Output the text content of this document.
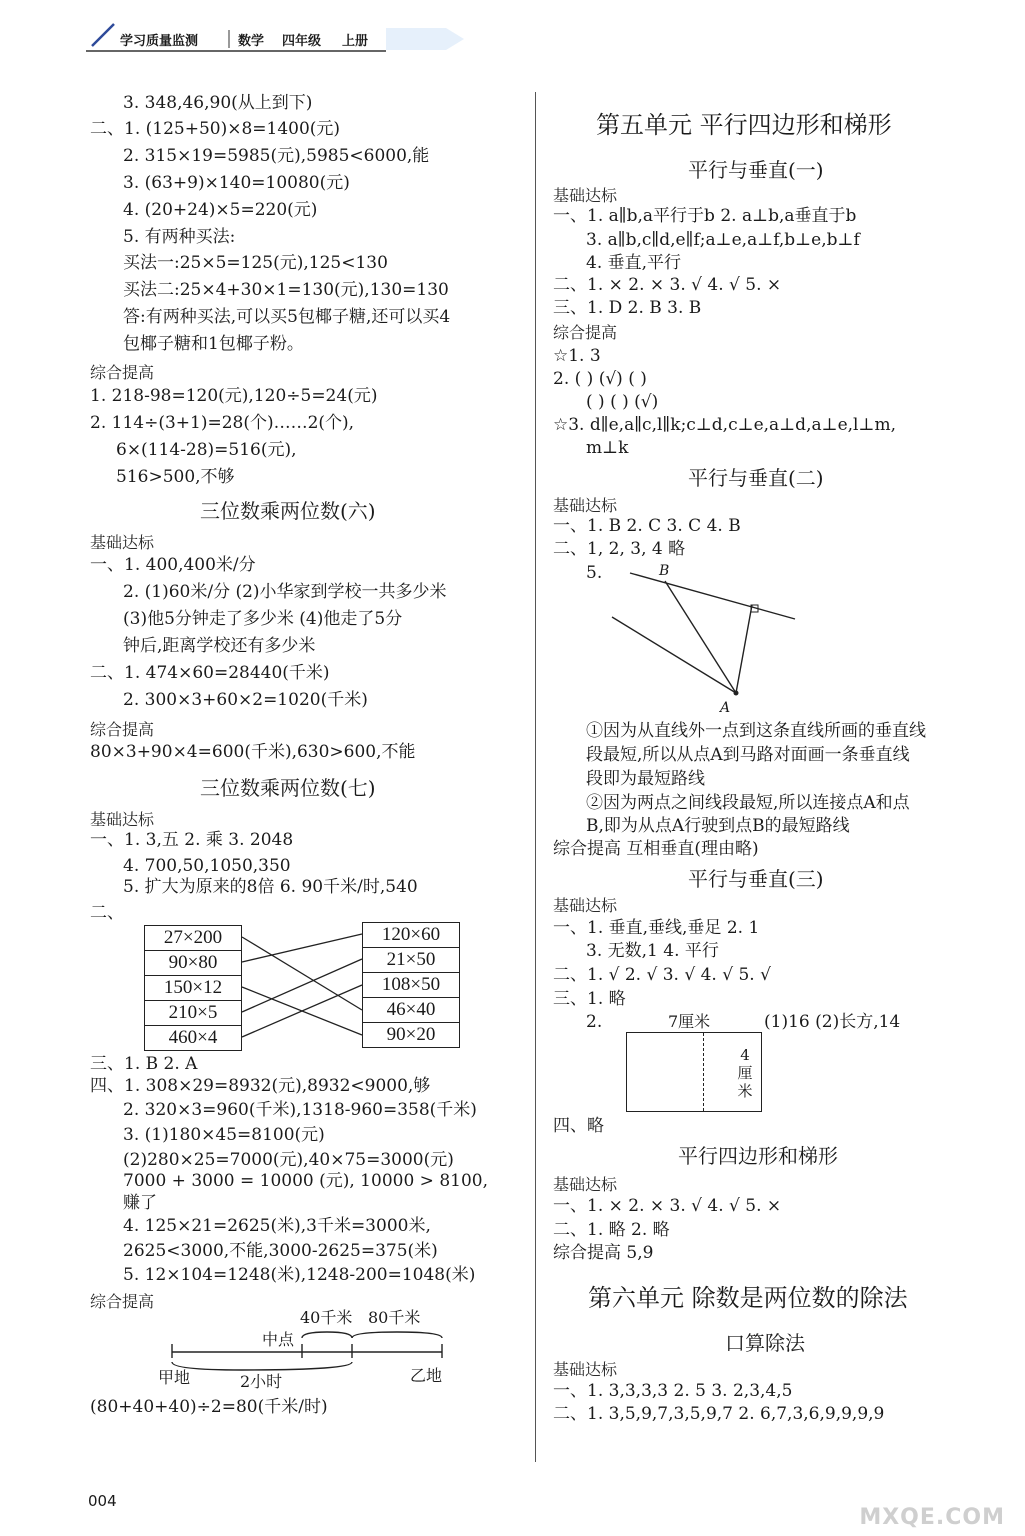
学习质量监测	数学 四年级 上册
3. 348,46,90(从上到下)
二、1. (125+50)×8=1400(元)
2. 315×19=5985(元),5985<6000,能
3. (63+9)×140=10080(元)
4. (20+24)×5=220(元)
5. 有两种买法:
买法一:25×5=125(元),125<130
买法二:25×4+30×1=130(元),130=130
答:有两种买法,可以买5包椰子糖,还可以买4
包椰子糖和1包椰子粉。
1. 218-98=120(元),120÷5=24(元)
2. 114÷(3+1)=28(个)……2(个),
6×(114-28)=516(元),
516>500,不够
一、1. 400,400米/分
2. (1)60米/分 (2)小华家到学校一共多少米
(3)他5分钟走了多少米 (4)他走了5分
钟后,距离学校还有多少米
二、1. 474×60=28440(千米)
2. 300×3+60×2=1020(千米)
80×3+90×4=600(千米),630>600,不能
一、1. 3,五 2. 乘 3. 2048
4. 700,50,1050,350
5. 扩大为原来的8倍 6. 90千米/时,540
二、
三、1. B 2. A
四、1. 308×29=8932(元),8932<9000,够
2. 320×3=960(千米),1318-960=358(千米)
3. (1)180×45=8100(元)
(2)280×25=7000(元),40×75=3000(元)
7000 + 3000 = 10000 (元), 10000 > 8100,
赚了
4. 125×21=2625(米),3千米=3000米,
2625<3000,不能,3000-2625=375(米)
5. 12×104=1248(米),1248-200=1048(米)
(80+40+40)÷2=80(千米/时)
一、1. a∥b,a平行于b 2. a⊥b,a垂直于b
3. a∥b,c∥d,e∥f;a⊥e,a⊥f,b⊥e,b⊥f
4. 垂直,平行
二、1. × 2. × 3. √ 4. √ 5. ×
三、1. D 2. B 3. B
☆1. 3
2. ( ) (√) ( )
( ) ( ) (√)
☆3. d∥e,a∥c,l∥k;c⊥d,c⊥e,a⊥d,a⊥e,l⊥m,
m⊥k
一、1. B 2. C 3. C 4. B
二、1, 2, 3, 4 略
5.
①因为从直线外一点到这条直线所画的垂直线
段最短,所以从点A到马路对面画一条垂直线
段即为最短路线
②因为两点之间线段最短,所以连接点A和点
B,即为从点A行驶到点B的最短路线
综合提高 互相垂直(理由略)
一、1. 垂直,垂线,垂足 2. 1
3. 无数,1 4. 平行
二、1. √ 2. √ 3. √ 4. √ 5. √
三、1. 略
2.	(1)16 (2)长方,14
四、略
一、1. × 2. × 3. √ 4. √ 5. ×
二、1. 略 2. 略
综合提高 5,9
一、1. 3,3,3,3 2. 5 3. 2,3,4,5
二、1. 3,5,9,7,3,5,9,7 2. 6,7,3,6,9,9,9,9
综合提高
基础达标
综合提高
基础达标
综合提高
基础达标
综合提高
基础达标
基础达标
基础达标
基础达标
三位数乘两位数(六)
三位数乘两位数(七)
平行与垂直(一)
平行与垂直(二)
平行与垂直(三)
平行四边形和梯形
口算除法
第五单元 平行四边形和梯形
第六单元 除数是两位数的除法
27×200
90×80
150×12
210×5
460×4
120×60
21×50
108×50
46×40
90×20
40千米 80千米
中点
甲地	2小时	乙地
B
A
7厘米
4厘米
004
MXQE.COM
